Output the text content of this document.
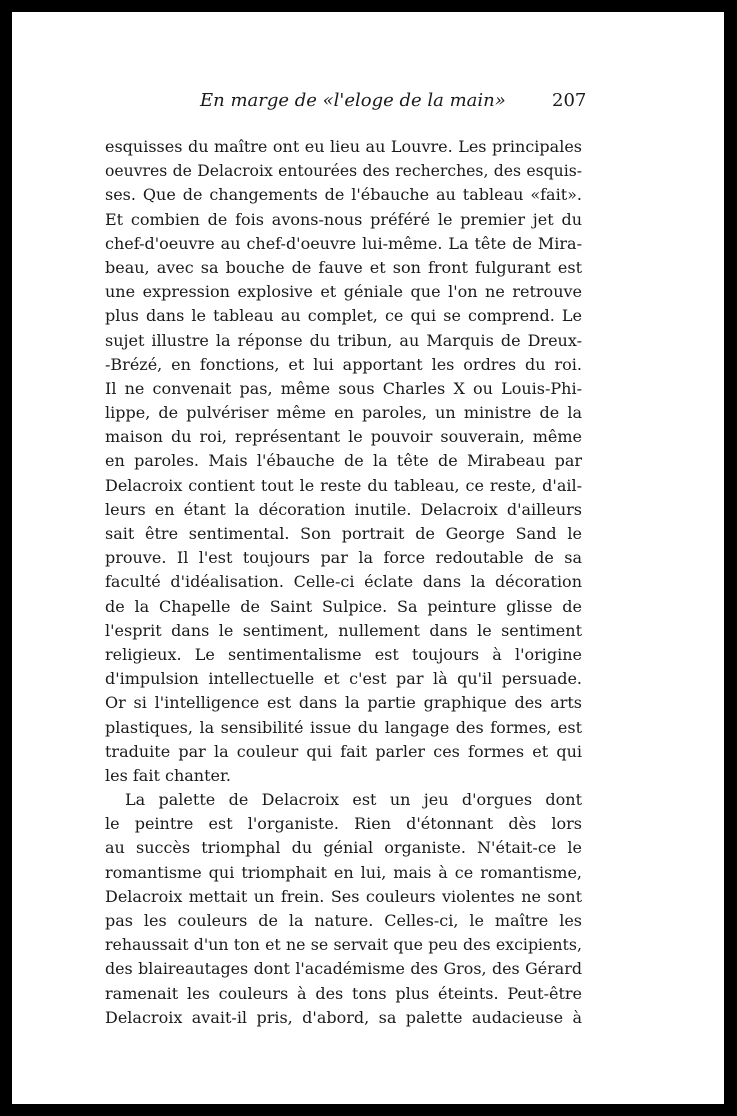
En marge de «l'eloge de la main»	207
esquisses du maître ont eu lieu au Louvre. Les principales
oeuvres de Delacroix entourées des recherches, des esquis-
ses. Que de changements de l'ébauche au tableau «fait».
Et combien de fois avons-nous préféré le premier jet du
chef-d'oeuvre au chef-d'oeuvre lui-même. La tête de Mira-
beau, avec sa bouche de fauve et son front fulgurant est
une expression explosive et géniale que l'on ne retrouve
plus dans le tableau au complet, ce qui se comprend. Le
sujet illustre la réponse du tribun, au Marquis de Dreux-
-Brézé, en fonctions, et lui apportant les ordres du roi.
Il ne convenait pas, même sous Charles X ou Louis-Phi-
lippe, de pulvériser même en paroles, un ministre de la
maison du roi, représentant le pouvoir souverain, même
en paroles. Mais l'ébauche de la tête de Mirabeau par
Delacroix contient tout le reste du tableau, ce reste, d'ail-
leurs en étant la décoration inutile. Delacroix d'ailleurs
sait être sentimental. Son portrait de George Sand le
prouve. Il l'est toujours par la force redoutable de sa
faculté d'idéalisation. Celle-ci éclate dans la décoration
de la Chapelle de Saint Sulpice. Sa peinture glisse de
l'esprit dans le sentiment, nullement dans le sentiment
religieux. Le sentimentalisme est toujours à l'origine
d'impulsion intellectuelle et c'est par là qu'il persuade.
Or si l'intelligence est dans la partie graphique des arts
plastiques, la sensibilité issue du langage des formes, est
traduite par la couleur qui fait parler ces formes et qui
les fait chanter.
La palette de Delacroix est un jeu d'orgues dont
le peintre est l'organiste. Rien d'étonnant dès lors
au succès triomphal du génial organiste. N'était-ce le
romantisme qui triomphait en lui, mais à ce romantisme,
Delacroix mettait un frein. Ses couleurs violentes ne sont
pas les couleurs de la nature. Celles-ci, le maître les
rehaussait d'un ton et ne se servait que peu des excipients,
des blaireautages dont l'académisme des Gros, des Gérard
ramenait les couleurs à des tons plus éteints. Peut-être
Delacroix avait-il pris, d'abord, sa palette audacieuse à
